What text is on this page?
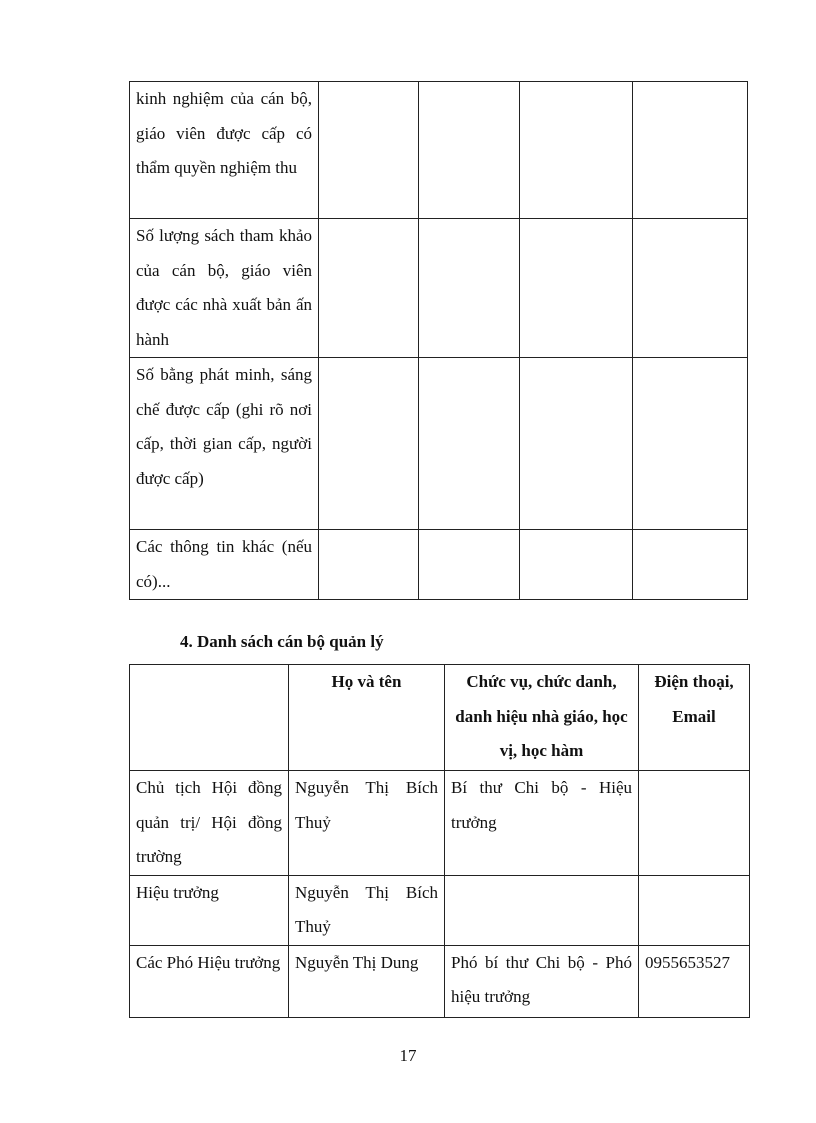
kinh nghiệm của cán bộ, giáo viên được cấp có thẩm quyền nghiệm thu				
Số lượng sách tham khảo của cán bộ, giáo viên được các nhà xuất bản ấn hành				
Số bằng phát minh, sáng chế được cấp (ghi rõ nơi cấp, thời gian cấp, người được cấp)				
Các thông tin khác (nếu có)...				
4. Danh sách cán bộ quản lý
	Họ và tên	Chức vụ, chức danh, danh hiệu nhà giáo, học vị, học hàm	Điện thoại, Email
Chủ tịch Hội đồng quản trị/ Hội đồng trường	Nguyễn Thị Bích Thuỷ	Bí thư Chi bộ - Hiệu trưởng	
Hiệu trưởng	Nguyễn Thị Bích Thuỷ		
Các Phó Hiệu trưởng	Nguyễn Thị Dung	Phó bí thư Chi bộ - Phó hiệu trưởng	0955653527
17
